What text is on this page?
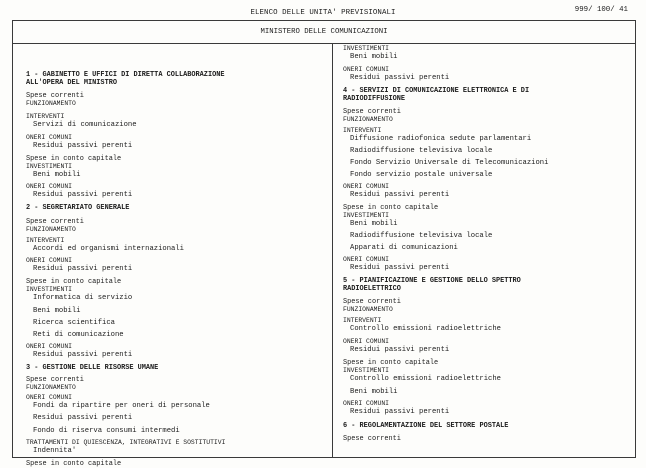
ELENCO DELLE UNITA' PREVISIONALI	999/ 100/ 41
MINISTERO DELLE COMUNICAZIONI
1 - GABINETTO E UFFICI DI DIRETTA COLLABORAZIONE
ALL'OPERA DEL MINISTRO
Spese correnti
FUNZIONAMENTO
INTERVENTI
Servizi di comunicazione
ONERI COMUNI
Residui passivi perenti
Spese in conto capitale
INVESTIMENTI
Beni mobili
ONERI COMUNI
Residui passivi perenti
2 - SEGRETARIATO GENERALE
Spese correnti
FUNZIONAMENTO
INTERVENTI
Accordi ed organismi internazionali
ONERI COMUNI
Residui passivi perenti
Spese in conto capitale
INVESTIMENTI
Informatica di servizio
Beni mobili
Ricerca scientifica
Reti di comunicazione
ONERI COMUNI
Residui passivi perenti
3 - GESTIONE DELLE RISORSE UMANE
Spese correnti
FUNZIONAMENTO
ONERI COMUNI
Fondi da ripartire per oneri di personale
Residui passivi perenti
Fondo di riserva consumi intermedi
TRATTAMENTI DI QUIESCENZA, INTEGRATIVI E SOSTITUTIVI
Indennita'
Spese in conto capitale
INVESTIMENTI
Beni mobili
ONERI COMUNI
Residui passivi perenti
4 - SERVIZI DI COMUNICAZIONE ELETTRONICA E DI
RADIODIFFUSIONE
Spese correnti
FUNZIONAMENTO
INTERVENTI
Diffusione radiofonica sedute parlamentari
Radiodiffusione televisiva locale
Fondo Servizio Universale di Telecomunicazioni
Fondo servizio postale universale
ONERI COMUNI
Residui passivi perenti
Spese in conto capitale
INVESTIMENTI
Beni mobili
Radiodiffusione televisiva locale
Apparati di comunicazioni
ONERI COMUNI
Residui passivi perenti
5 - PIANIFICAZIONE E GESTIONE DELLO SPETTRO
RADIOELETTRICO
Spese correnti
FUNZIONAMENTO
INTERVENTI
Controllo emissioni radioelettriche
ONERI COMUNI
Residui passivi perenti
Spese in conto capitale
INVESTIMENTI
Controllo emissioni radioelettriche
Beni mobili
ONERI COMUNI
Residui passivi perenti
6 - REGOLAMENTAZIONE DEL SETTORE POSTALE
Spese correnti
